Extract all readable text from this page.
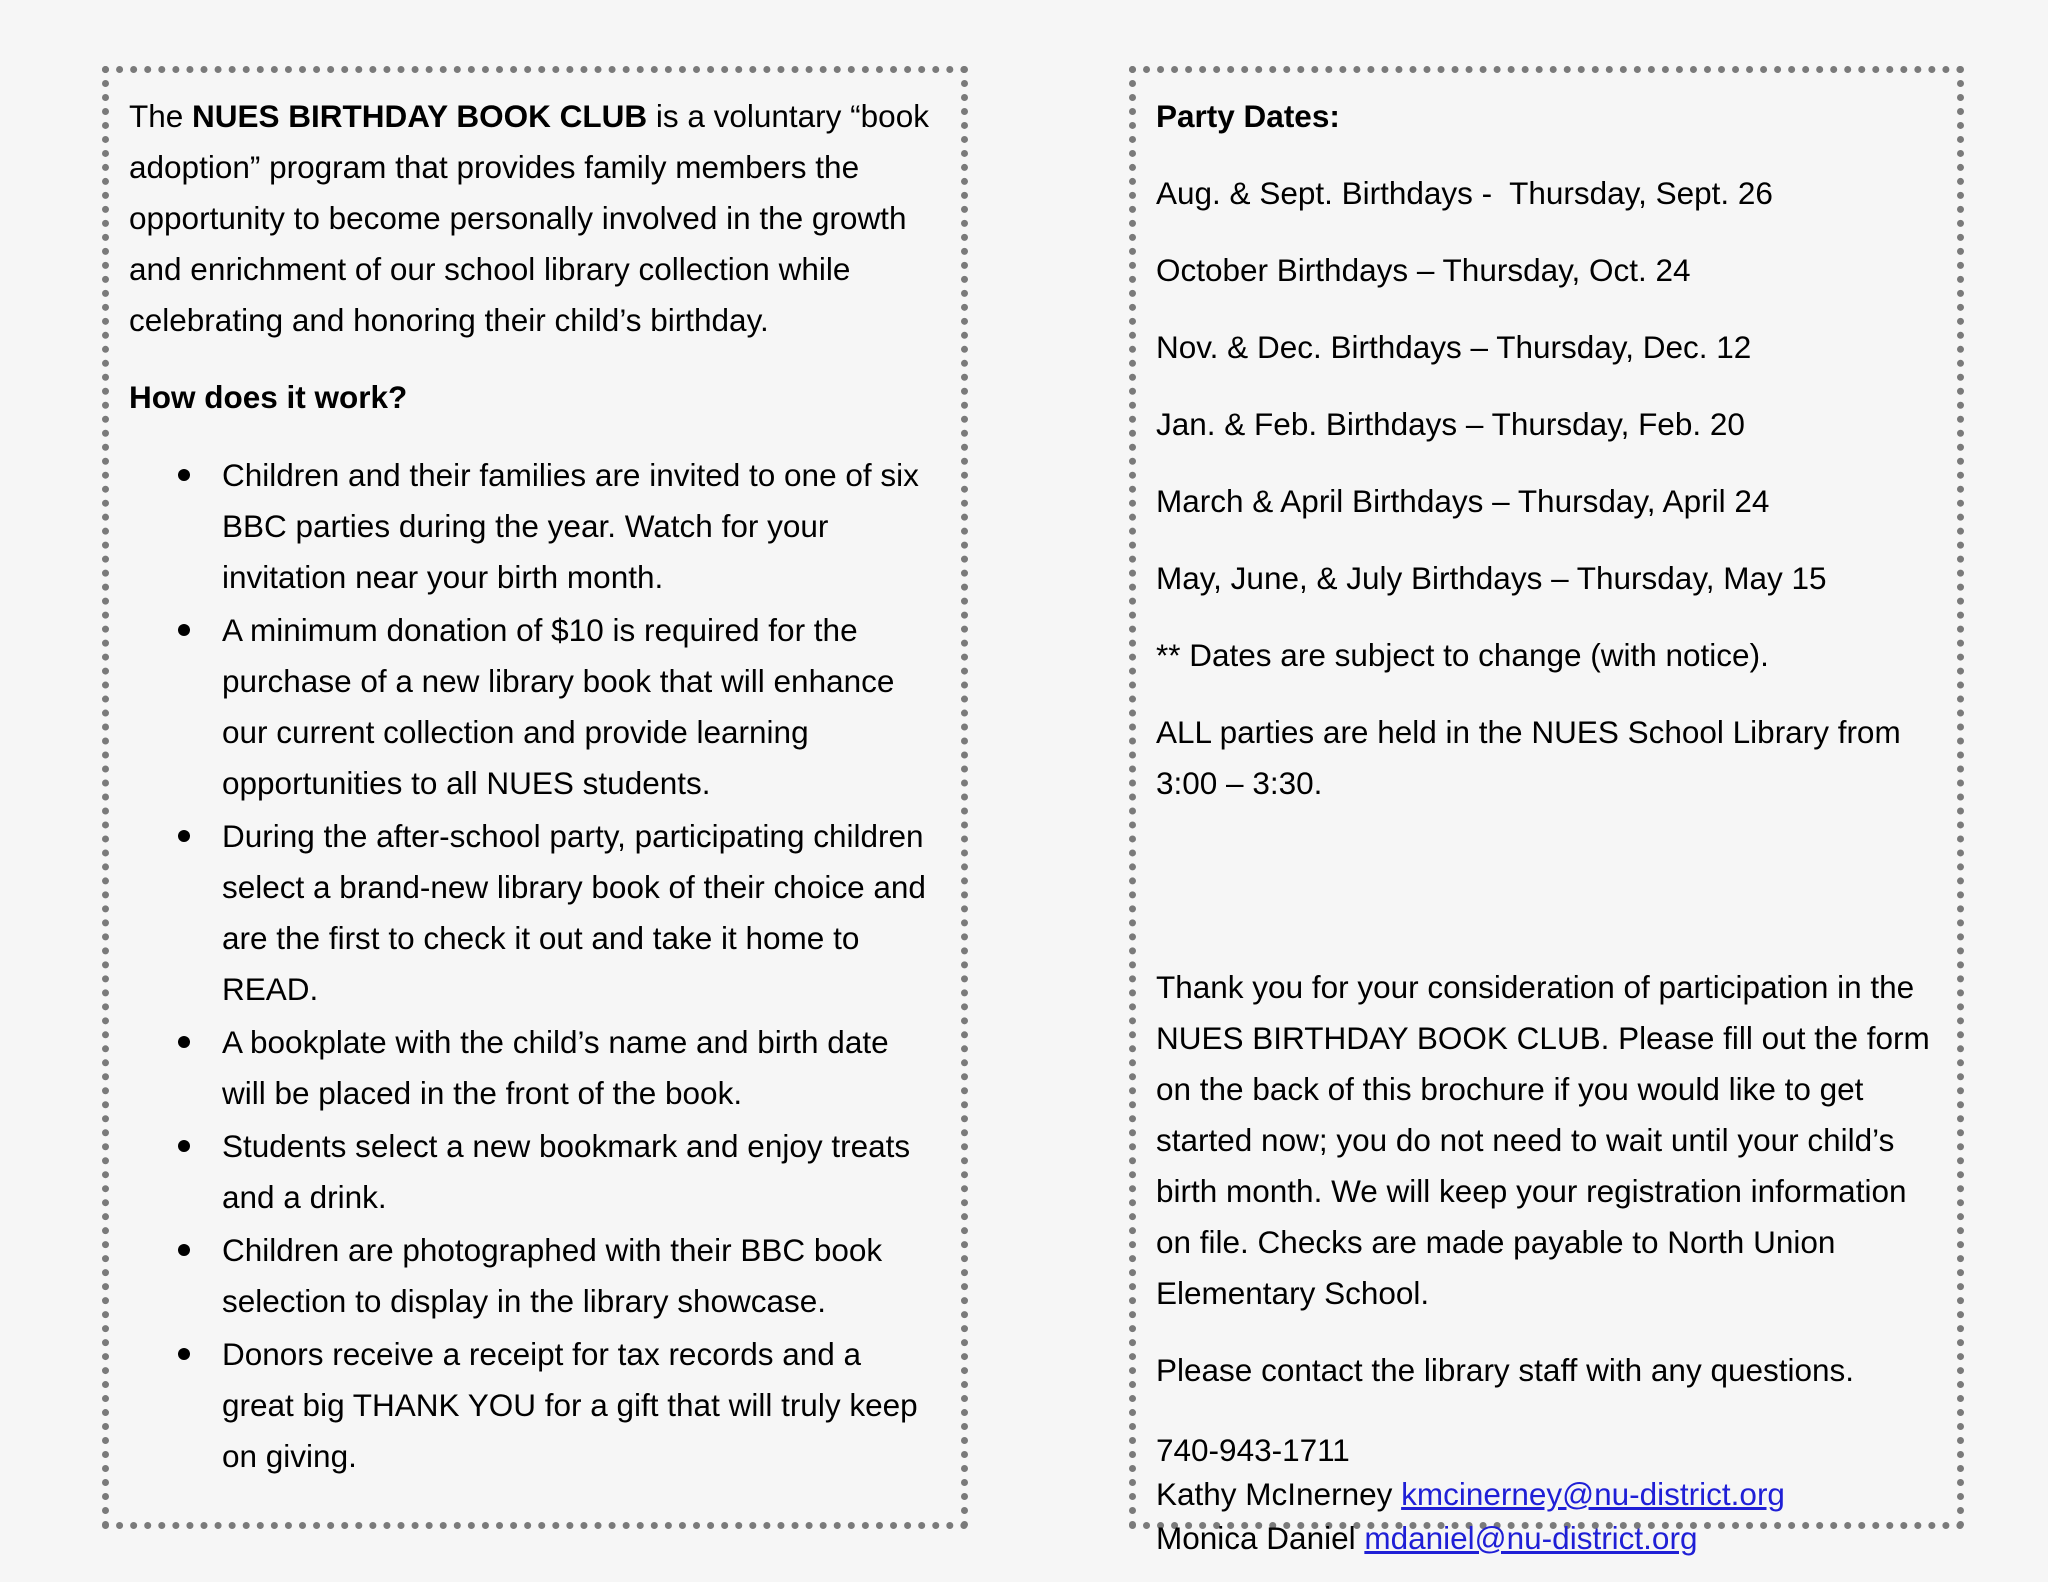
The NUES BIRTHDAY BOOK CLUB is a voluntary “book adoption” program that provides family members the opportunity to become personally involved in the growth and enrichment of our school library collection while celebrating and honoring their child’s birthday.

How does it work?

Children and their families are invited to one of six BBC parties during the year. Watch for your invitation near your birth month.
A minimum donation of $10 is required for the purchase of a new library book that will enhance our current collection and provide learning opportunities to all NUES students.
During the after-school party, participating children select a brand-new library book of their choice and are the first to check it out and take it home to READ.
A bookplate with the child’s name and birth date will be placed in the front of the book.
Students select a new bookmark and enjoy treats and a drink.
Children are photographed with their BBC book selection to display in the library showcase.
Donors receive a receipt for tax records and a great big THANK YOU for a gift that will truly keep on giving.

Party Dates:

Aug. & Sept. Birthdays -  Thursday, Sept. 26

October Birthdays – Thursday, Oct. 24

Nov. & Dec. Birthdays – Thursday, Dec. 12

Jan. & Feb. Birthdays – Thursday, Feb. 20

March & April Birthdays – Thursday, April 24

May, June, & July Birthdays – Thursday, May 15

** Dates are subject to change (with notice).

ALL parties are held in the NUES School Library from 3:00 – 3:30.

Thank you for your consideration of participation in the NUES BIRTHDAY BOOK CLUB. Please fill out the form on the back of this brochure if you would like to get started now; you do not need to wait until your child’s birth month. We will keep your registration information on file. Checks are made payable to North Union Elementary School.

Please contact the library staff with any questions.

740-943-1711

Kathy McInerney kmcinerney@nu-district.org

Monica Daniel mdaniel@nu-district.org
